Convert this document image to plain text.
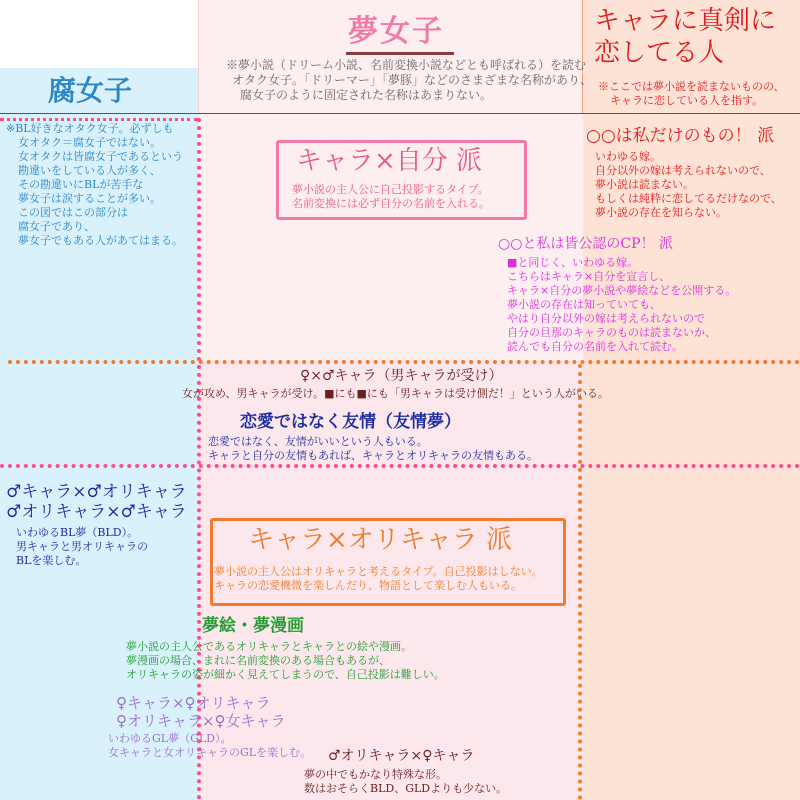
夢女子
※夢小説（ドリーム小説、名前変換小説などとも呼ばれる）を読む
オタク女子。「ドリーマー」「夢豚」などのさまざまな名称があり、
腐女子のように固定された名称はあまりない。
腐女子
※BL好きなオタク女子。必ずしも
女オタク＝腐女子ではない。
女オタクは皆腐女子であるという
勘違いをしている人が多く、
その勘違いにBLが苦手な
夢女子は涙することが多い。
この図ではこの部分は
腐女子であり、
夢女子でもある人があてはまる。
キャラに真剣に
恋してる人
※ここでは夢小説を読まないものの、
キャラに恋している人を指す。
キャラ×自分 派
夢小説の主人公に自己投影するタイプ。
名前変換には必ず自分の名前を入れる。
○○は私だけのもの！ 派
いわゆる嫁。
自分以外の嫁は考えられないので、
夢小説は読まない。
もしくは純粋に恋してるだけなので、
夢小説の存在を知らない。
○○と私は皆公認のCP！ 派
■と同じく、いわゆる嫁。
こちらはキャラ×自分を宣言し、
キャラ×自分の夢小説や夢絵などを公開する。
夢小説の存在は知っていても、
やはり自分以外の嫁は考えられないので
自分の旦那のキャラのものは読まないか、
読んでも自分の名前を入れて読む。
♀×♂キャラ（男キャラが受け）
女が攻め、男キャラが受け。■にも■にも「男キャラは受け側だ！」という人がいる。
恋愛ではなく友情（友情夢）
恋愛ではなく、友情がいいという人もいる。
キャラと自分の友情もあれば、キャラとオリキャラの友情もある。
♂キャラ×♂オリキャラ
♂オリキャラ×♂キャラ
いわゆるBL夢（BLD）。
男キャラと男オリキャラの
BLを楽しむ。
キャラ×オリキャラ 派
夢小説の主人公はオリキャラと考えるタイプ。自己投影はしない。
キャラの恋愛機微を楽しんだり、物語として楽しむ人もいる。
夢絵・夢漫画
夢小説の主人公であるオリキャラとキャラとの絵や漫画。
夢漫画の場合、まれに名前変換のある場合もあるが、
オリキャラの姿が細かく見えてしまうので、自己投影は難しい。
♀キャラ×♀オリキャラ
♀オリキャラ×♀女キャラ
いわゆるGL夢（GLD）。
女キャラと女オリキャラのGLを楽しむ。 ♂オリキャラ×♀キャラ
夢の中でもかなり特殊な形。
数はおそらくBLD、GLDよりも少ない。
